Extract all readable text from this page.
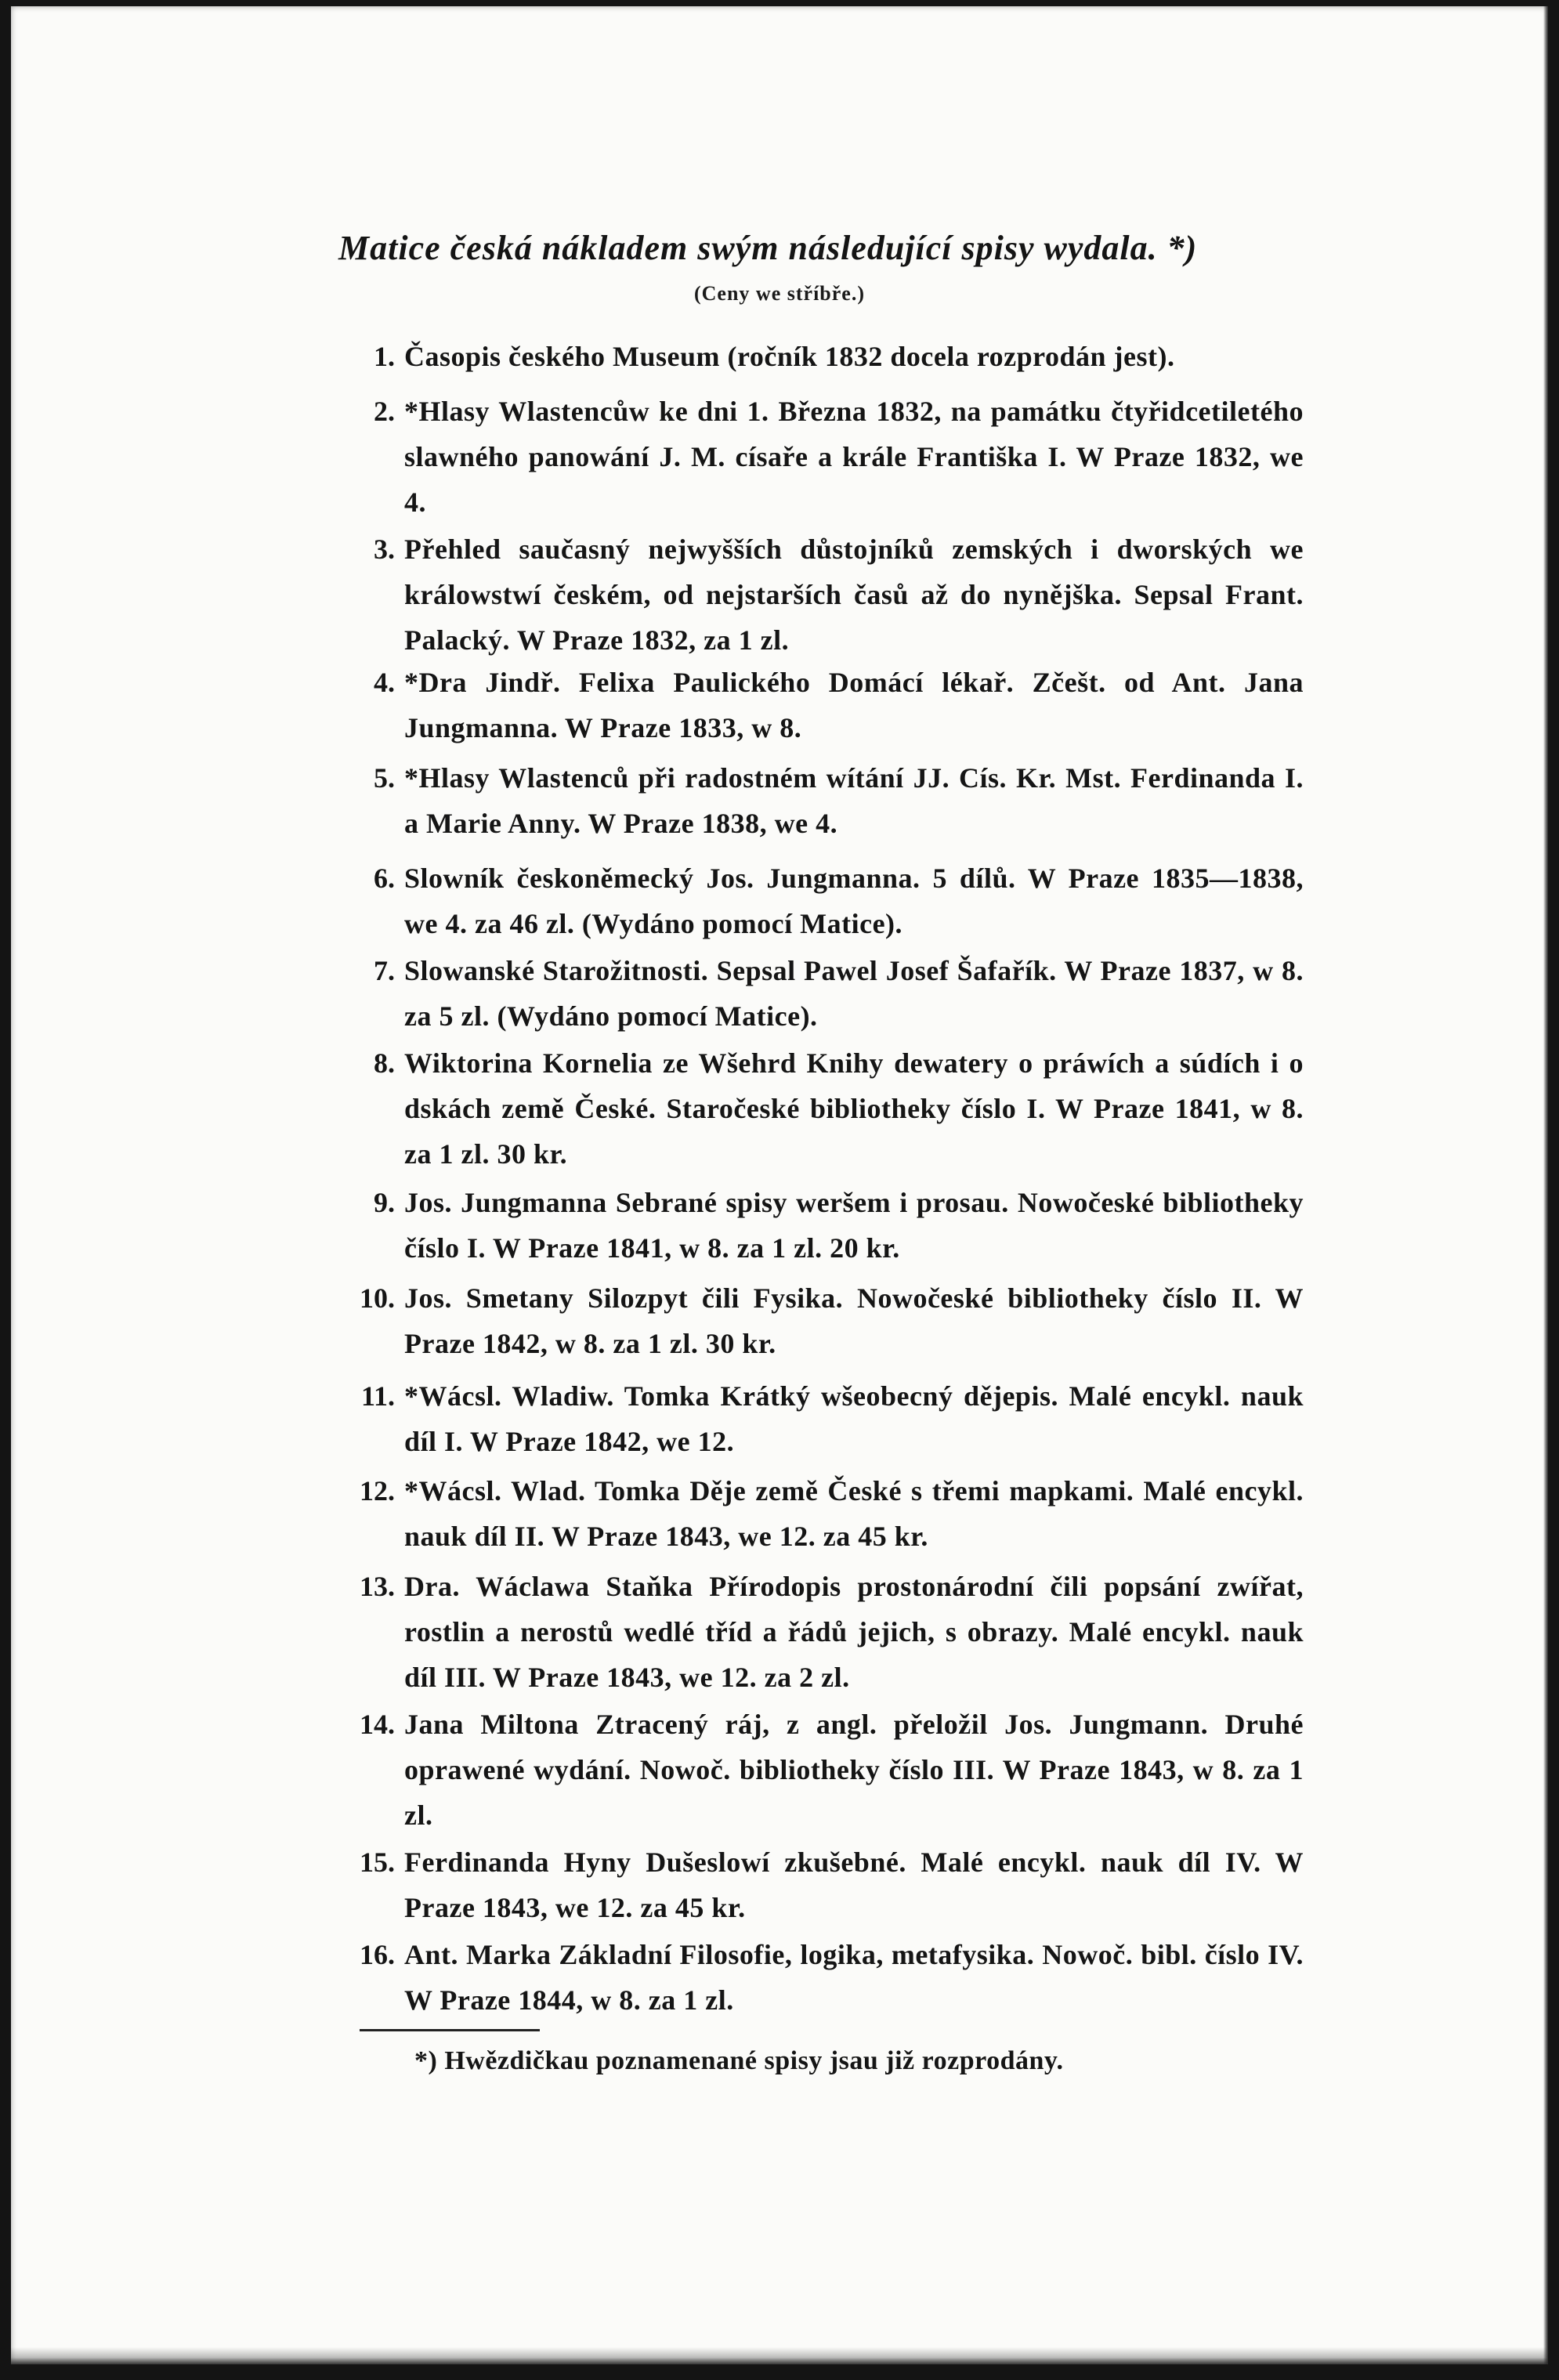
Matice česká nákladem swým následující spisy wydala. *)
(Ceny we stříbře.)
1. Časopis českého Museum (ročník 1832 docela rozprodán jest).
2. *Hlasy Wlastencůw ke dni 1. Března 1832, na památku čtyřidcetiletého slawného panowání J. M. císaře a krále Františka I. W Praze 1832, we 4.
3. Přehled saučasný nejwyšších důstojníků zemských i dworských we králowstwí českém, od nejstarších časů až do nynějška. Sepsal Frant. Palacký. W Praze 1832, za 1 zl.
4. *Dra Jindř. Felixa Paulického Domácí lékař. Zčešt. od Ant. Jana Jungmanna. W Praze 1833, w 8.
5. *Hlasy Wlastenců při radostném wítání JJ. Cís. Kr. Mst. Ferdinanda I. a Marie Anny. W Praze 1838, we 4.
6. Slowník českoněmecký Jos. Jungmanna. 5 dílů. W Praze 1835—1838, we 4. za 46 zl. (Wydáno pomocí Matice).
7. Slowanské Starožitnosti. Sepsal Pawel Josef Šafařík. W Praze 1837, w 8. za 5 zl. (Wydáno pomocí Matice).
8. Wiktorina Kornelia ze Wšehrd Knihy dewatery o práwích a súdích i o dskách země České. Staročeské bibliotheky číslo I. W Praze 1841, w 8. za 1 zl. 30 kr.
9. Jos. Jungmanna Sebrané spisy weršem i prosau. Nowočeské bibliotheky číslo I. W Praze 1841, w 8. za 1 zl. 20 kr.
10. Jos. Smetany Silozpyt čili Fysika. Nowočeské bibliotheky číslo II. W Praze 1842, w 8. za 1 zl. 30 kr.
11. *Wácsl. Wladiw. Tomka Krátký wšeobecný dějepis. Malé encykl. nauk díl I. W Praze 1842, we 12.
12. *Wácsl. Wlad. Tomka Děje země České s třemi mapkami. Malé encykl. nauk díl II. W Praze 1843, we 12. za 45 kr.
13. Dra. Wáclawa Staňka Přírodopis prostonárodní čili popsání zwířat, rostlin a nerostů wedlé tříd a řádů jejich, s obrazy. Malé encykl. nauk díl III. W Praze 1843, we 12. za 2 zl.
14. Jana Miltona Ztracený ráj, z angl. přeložil Jos. Jungmann. Druhé oprawené wydání. Nowoč. bibliotheky číslo III. W Praze 1843, w 8. za 1 zl.
15. Ferdinanda Hyny Dušeslowí zkušebné. Malé encykl. nauk díl IV. W Praze 1843, we 12. za 45 kr.
16. Ant. Marka Základní Filosofie, logika, metafysika. Nowoč. bibl. číslo IV. W Praze 1844, w 8. za 1 zl.
*) Hwězdičkau poznamenané spisy jsau již rozprodány.
